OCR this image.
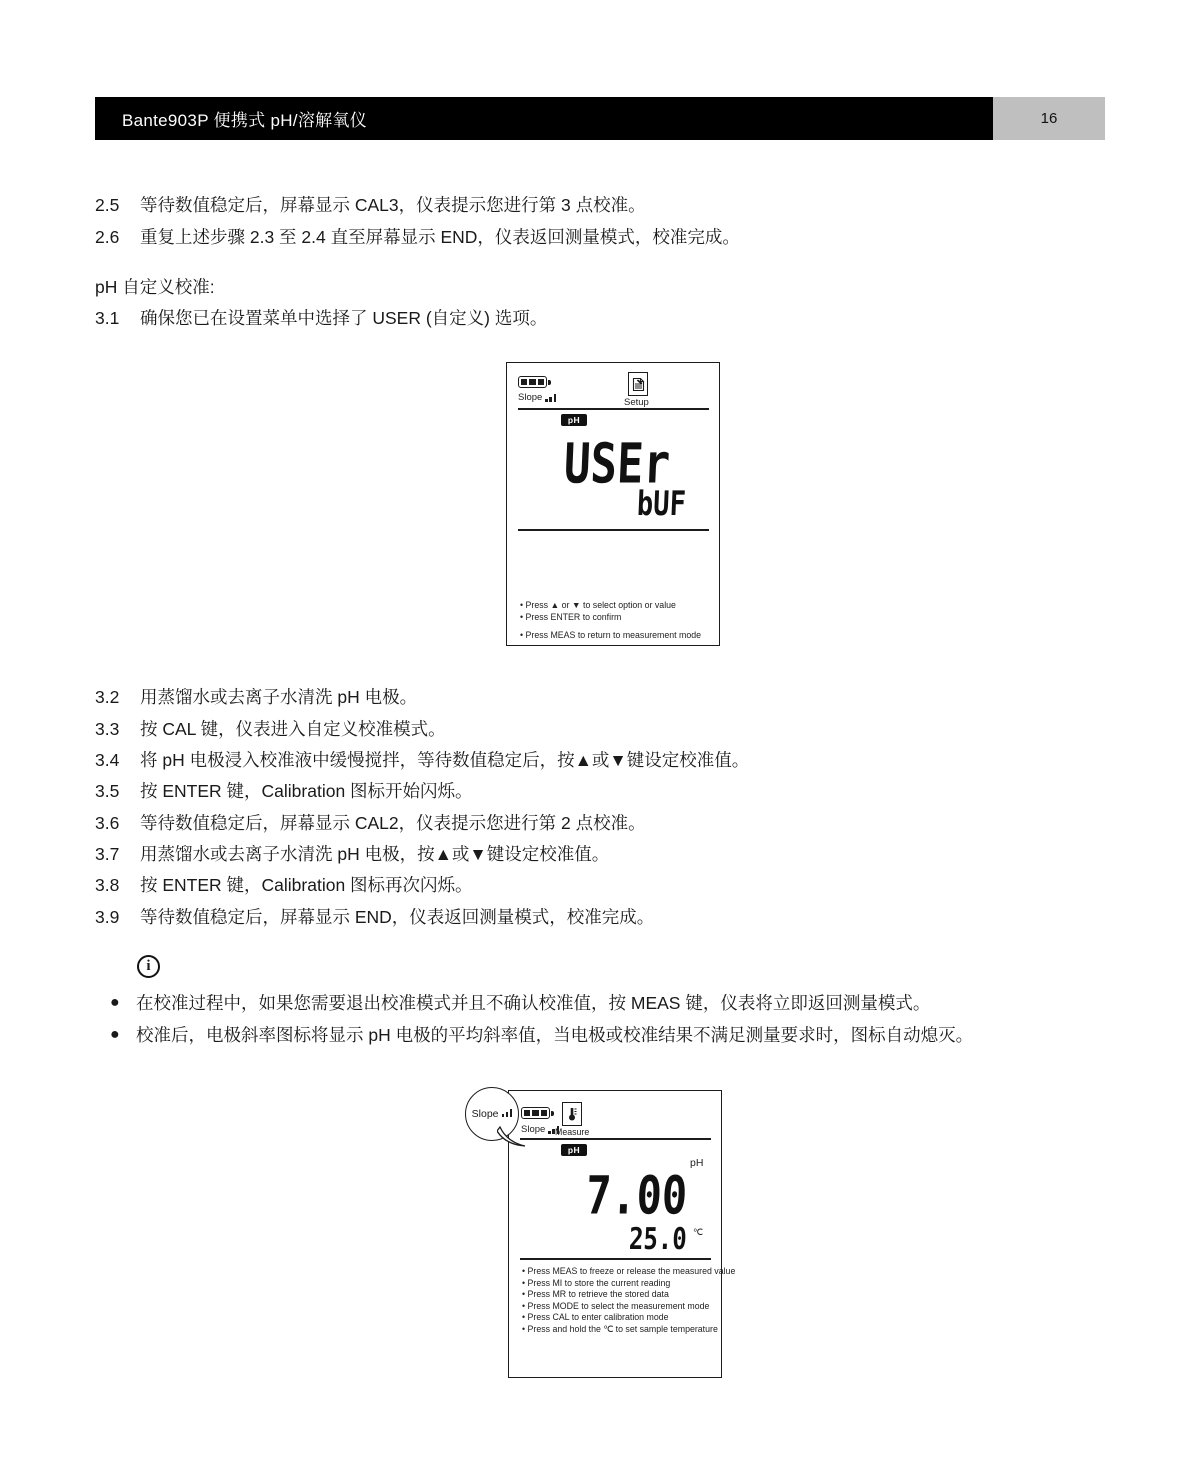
Bante903P 便携式 pH/溶解氧仪	16
2.5	等待数值稳定后，屏幕显示 CAL3，仪表提示您进行第 3 点校准。
2.6	重复上述步骤 2.3 至 2.4 直至屏幕显示 END，仪表返回测量模式，校准完成。
pH 自定义校准:
3.1	确保您已在设置菜单中选择了 USER (自定义) 选项。
Slope	Setup
pH
USEr
bUF
• Press ▲ or ▼ to select option or value
• Press ENTER to confirm
• Press MEAS to return to measurement mode
3.2	用蒸馏水或去离子水清洗 pH 电极。
3.3	按 CAL 键，仪表进入自定义校准模式。
3.4	将 pH 电极浸入校准液中缓慢搅拌，等待数值稳定后，按▲或▼键设定校准值。
3.5	按 ENTER 键，Calibration 图标开始闪烁。
3.6	等待数值稳定后，屏幕显示 CAL2，仪表提示您进行第 2 点校准。
3.7	用蒸馏水或去离子水清洗 pH 电极，按▲或▼键设定校准值。
3.8	按 ENTER 键，Calibration 图标再次闪烁。
3.9	等待数值稳定后，屏幕显示 END，仪表返回测量模式，校准完成。
i
● 在校准过程中，如果您需要退出校准模式并且不确认校准值，按 MEAS 键，仪表将立即返回测量模式。
● 校准后，电极斜率图标将显示 pH 电极的平均斜率值，当电极或校准结果不满足测量要求时，图标自动熄灭。
Slope Measure
pH
pH
7.00
25.0 ℃
• Press MEAS to freeze or release the measured value
• Press MI to store the current reading
• Press MR to retrieve the stored data
• Press MODE to select the measurement mode
• Press CAL to enter calibration mode
• Press and hold the ℃ to set sample temperature
Slope
